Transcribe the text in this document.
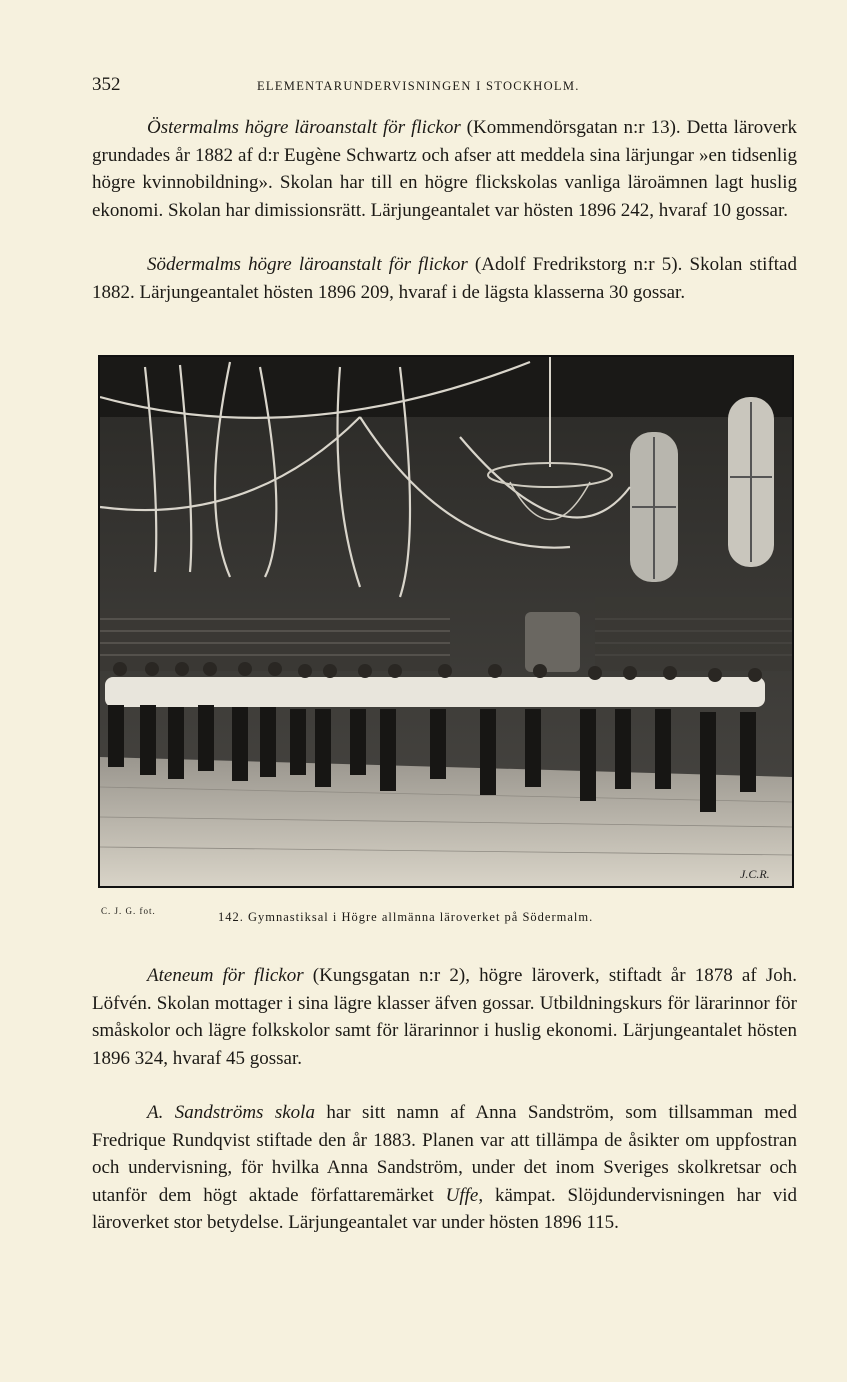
352	ELEMENTARUNDERVISNINGEN I STOCKHOLM.

Östermalms högre läroanstalt för flickor (Kommendörsgatan n:r 13). Detta läroverk grundades år 1882 af d:r Eugène Schwartz och afser att meddela sina lärjungar »en tidsenlig högre kvinnobildning». Skolan har till en högre flickskolas vanliga läroämnen lagt huslig ekonomi. Skolan har dimissionsrätt. Lärjungeantalet var hösten 1896 242, hvaraf 10 gossar.

Södermalms högre läroanstalt för flickor (Adolf Fredrikstorg n:r 5). Skolan stiftad 1882. Lärjungeantalet hösten 1896 209, hvaraf i de lägsta klasserna 30 gossar.

J.C.R.
C. J. G. fot.	142. Gymnastiksal i Högre allmänna läroverket på Södermalm.

Ateneum för flickor (Kungsgatan n:r 2), högre läroverk, stiftadt år 1878 af Joh. Löfvén. Skolan mottager i sina lägre klasser äfven gossar. Utbildningskurs för lärarinnor för småskolor och lägre folkskolor samt för lärarinnor i huslig ekonomi. Lärjungeantalet hösten 1896 324, hvaraf 45 gossar.

A. Sandströms skola har sitt namn af Anna Sandström, som tillsamman med Fredrique Rundqvist stiftade den år 1883. Planen var att tillämpa de åsikter om uppfostran och undervisning, för hvilka Anna Sandström, under det inom Sveriges skolkretsar och utanför dem högt aktade författaremärket Uffe, kämpat. Slöjdundervisningen har vid läroverket stor betydelse. Lärjungeantalet var under hösten 1896 115.
